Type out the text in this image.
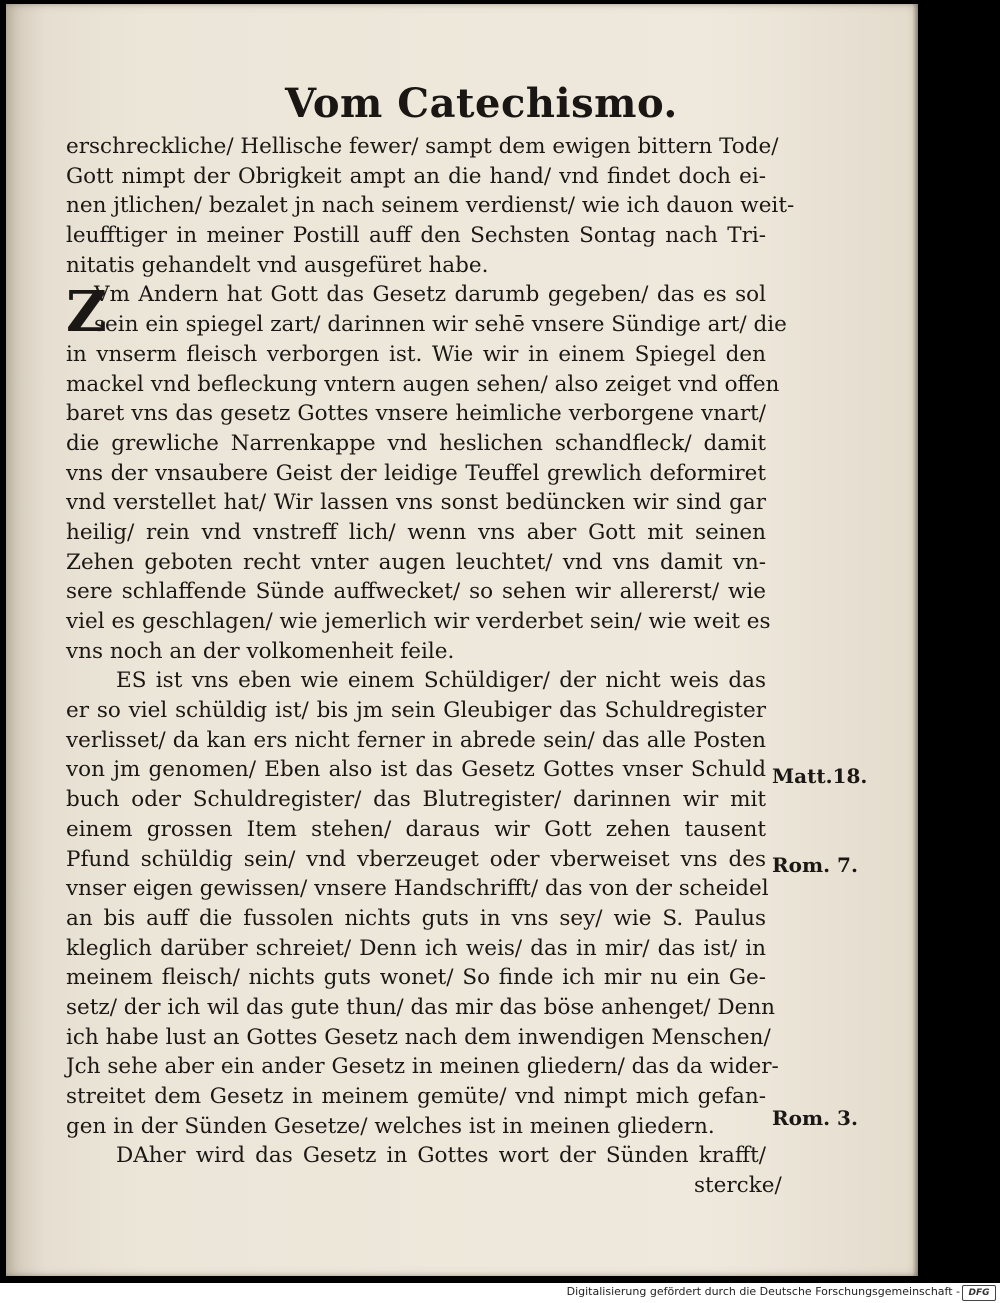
Vom Catechismo.
erschreckliche/ Hellische fewer/ sampt dem ewigen bittern Tode/
Gott nimpt der Obrigkeit ampt an die hand/ vnd findet doch ei-
nen jtlichen/ bezalet jn nach seinem verdienst/ wie ich dauon weit-
leufftiger in meiner Postill auff den Sechsten Sontag nach Tri-
nitatis gehandelt vnd ausgefüret habe.
Vm Andern hat Gott das Gesetz darumb gegeben/ das es sol
sein ein spiegel zart/ darinnen wir sehē vnsere Sündige art/ die
in vnserm fleisch verborgen ist. Wie wir in einem Spiegel den
mackel vnd befleckung vntern augen sehen/ also zeiget vnd offen
baret vns das gesetz Gottes vnsere heimliche verborgene vnart/
die grewliche Narrenkappe vnd heslichen schandfleck/ damit
vns der vnsaubere Geist der leidige Teuffel grewlich deformiret
vnd verstellet hat/ Wir lassen vns sonst bedüncken wir sind gar
heilig/ rein vnd vnstreff lich/ wenn vns aber Gott mit seinen
Zehen geboten recht vnter augen leuchtet/ vnd vns damit vn-
sere schlaffende Sünde auffwecket/ so sehen wir allererst/ wie
viel es geschlagen/ wie jemerlich wir verderbet sein/ wie weit es
vns noch an der volkomenheit feile.
ES ist vns eben wie einem Schüldiger/ der nicht weis das
er so viel schüldig ist/ bis jm sein Gleubiger das Schuldregister
verlisset/ da kan ers nicht ferner in abrede sein/ das alle Posten
von jm genomen/ Eben also ist das Gesetz Gottes vnser Schuld
buch oder Schuldregister/ das Blutregister/ darinnen wir mit
einem grossen Item stehen/ daraus wir Gott zehen tausent
Pfund schüldig sein/ vnd vberzeuget oder vberweiset vns des
vnser eigen gewissen/ vnsere Handschrifft/ das von der scheidel
an bis auff die fussolen nichts guts in vns sey/ wie S. Paulus
kleglich darüber schreiet/ Denn ich weis/ das in mir/ das ist/ in
meinem fleisch/ nichts guts wonet/ So finde ich mir nu ein Ge-
setz/ der ich wil das gute thun/ das mir das böse anhenget/ Denn
ich habe lust an Gottes Gesetz nach dem inwendigen Menschen/
Jch sehe aber ein ander Gesetz in meinen gliedern/ das da wider-
streitet dem Gesetz in meinem gemüte/ vnd nimpt mich gefan-
gen in der Sünden Gesetze/ welches ist in meinen gliedern.
DAher wird das Gesetz in Gottes wort der Sünden krafft/
stercke/
Z
Matt.18.
Rom. 7.
Rom. 3.
Digitalisierung gefördert durch die Deutsche Forschungsgemeinschaft - DFG
